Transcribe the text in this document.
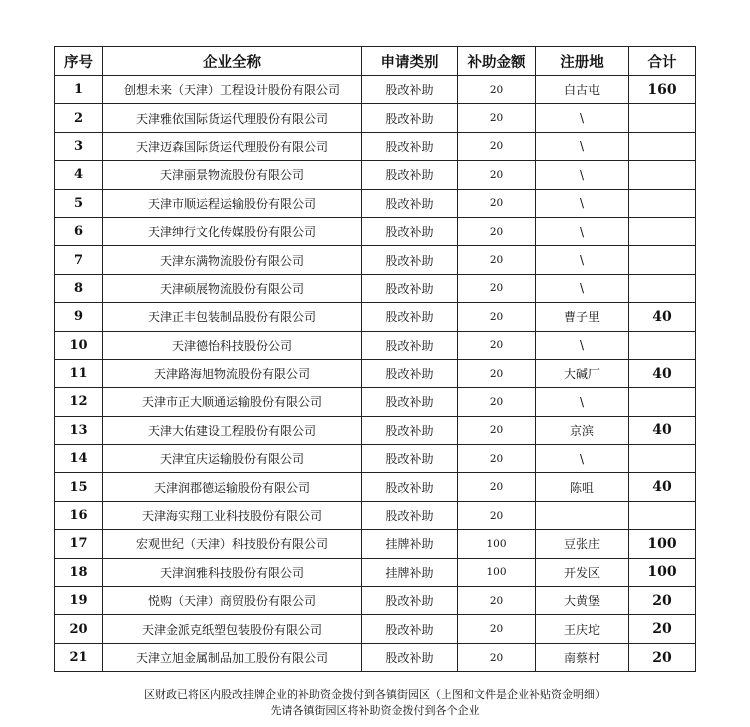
序号	企业全称	申请类别	补助金额	注册地	合计
1	创想未来（天津）工程设计股份有限公司	股改补助	20	白古屯	160
2	天津雅依国际货运代理股份有限公司	股改补助	20	\	
3	天津迈森国际货运代理股份有限公司	股改补助	20	\	
4	天津丽景物流股份有限公司	股改补助	20	\	
5	天津市顺运程运输股份有限公司	股改补助	20	\	
6	天津绅行文化传媒股份有限公司	股改补助	20	\	
7	天津东满物流股份有限公司	股改补助	20	\	
8	天津硕展物流股份有限公司	股改补助	20	\	
9	天津正丰包装制品股份有限公司	股改补助	20	曹子里	40
10	天津德怡科技股份公司	股改补助	20	\	
11	天津路海旭物流股份有限公司	股改补助	20	大碱厂	40
12	天津市正大顺通运输股份有限公司	股改补助	20	\	
13	天津大佑建设工程股份有限公司	股改补助	20	京滨	40
14	天津宜庆运输股份有限公司	股改补助	20	\	
15	天津润郡德运输股份有限公司	股改补助	20	陈咀	40
16	天津海实翔工业科技股份有限公司	股改补助	20		
17	宏观世纪（天津）科技股份有限公司	挂牌补助	100	豆张庄	100
18	天津润雅科技股份有限公司	挂牌补助	100	开发区	100
19	悦购（天津）商贸股份有限公司	股改补助	20	大黄堡	20
20	天津金派克纸塑包装股份有限公司	股改补助	20	王庆坨	20
21	天津立旭金属制品加工股份有限公司	股改补助	20	南蔡村	20
区财政已将区内股改挂牌企业的补助资金拨付到各镇街园区（上图和文件是企业补贴资金明细）
先请各镇街园区将补助资金拨付到各个企业
